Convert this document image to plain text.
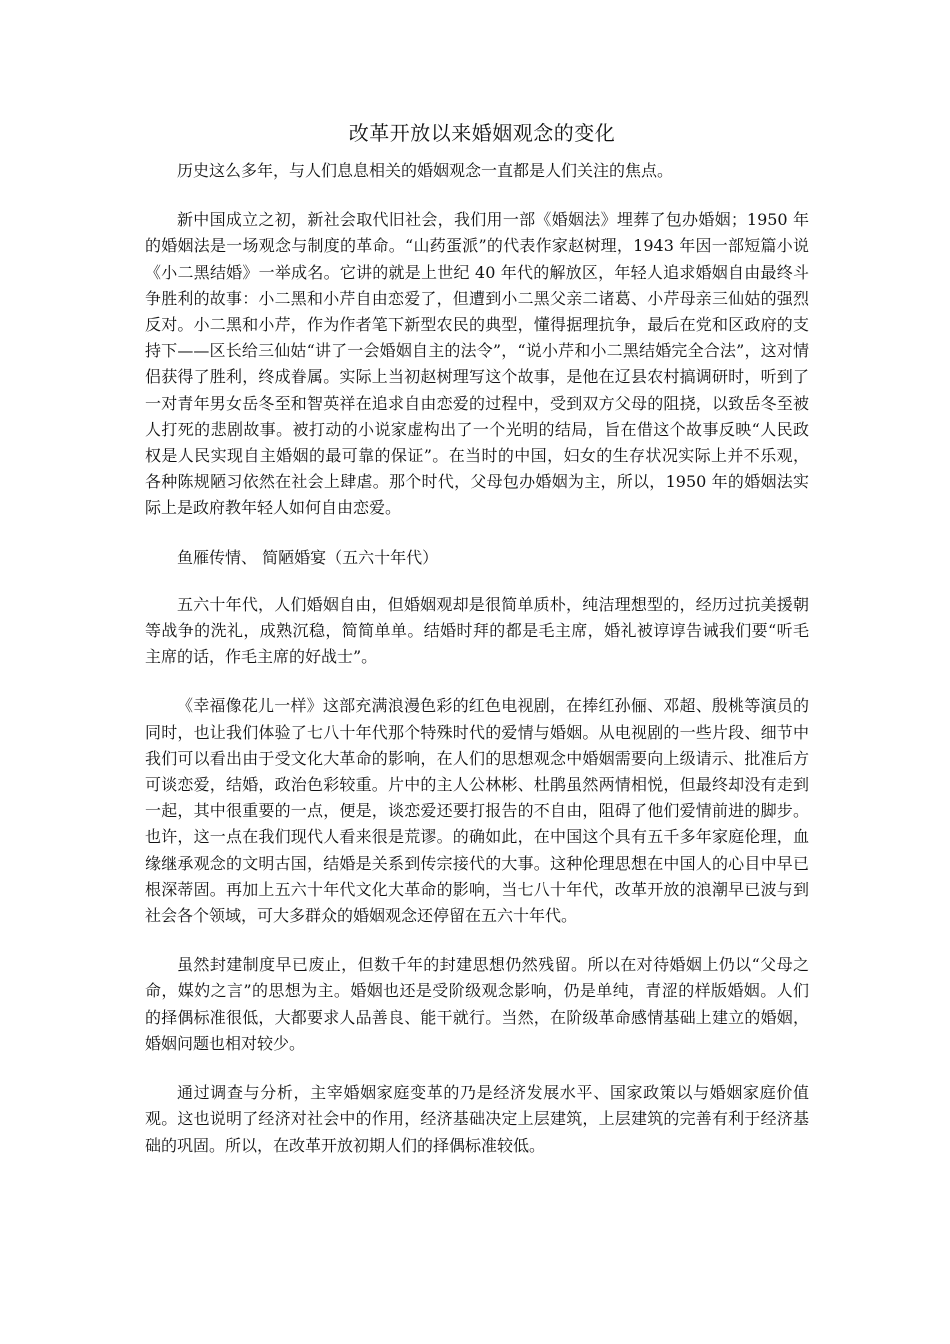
改革开放以来婚姻观念的变化

历史这么多年，与人们息息相关的婚姻观念一直都是人们关注的焦点。

新中国成立之初，新社会取代旧社会，我们用一部《婚姻法》埋葬了包办婚姻；1950 年的婚姻法是一场观念与制度的革命。“山药蛋派”的代表作家赵树理，1943 年因一部短篇小说《小二黑结婚》一举成名。它讲的就是上世纪 40 年代的解放区，年轻人追求婚姻自由最终斗争胜利的故事：小二黑和小芹自由恋爱了，但遭到小二黑父亲二诸葛、小芹母亲三仙姑的强烈反对。小二黑和小芹，作为作者笔下新型农民的典型，懂得据理抗争，最后在党和区政府的支持下——区长给三仙姑“讲了一会婚姻自主的法令”，“说小芹和小二黑结婚完全合法”，这对情侣获得了胜利，终成眷属。实际上当初赵树理写这个故事，是他在辽县农村搞调研时，听到了一对青年男女岳冬至和智英祥在追求自由恋爱的过程中，受到双方父母的阻挠，以致岳冬至被人打死的悲剧故事。被打动的小说家虚构出了一个光明的结局，旨在借这个故事反映“人民政权是人民实现自主婚姻的最可靠的保证”。在当时的中国，妇女的生存状况实际上并不乐观，各种陈规陋习依然在社会上肆虐。那个时代，父母包办婚姻为主，所以，1950 年的婚姻法实际上是政府教年轻人如何自由恋爱。

鱼雁传情、 简陋婚宴（五六十年代）

五六十年代，人们婚姻自由，但婚姻观却是很简单质朴，纯洁理想型的，经历过抗美援朝等战争的洗礼，成熟沉稳，简简单单。结婚时拜的都是毛主席，婚礼被谆谆告诫我们要“听毛主席的话，作毛主席的好战士”。

《幸福像花儿一样》这部充满浪漫色彩的红色电视剧，在捧红孙俪、邓超、殷桃等演员的同时，也让我们体验了七八十年代那个特殊时代的爱情与婚姻。从电视剧的一些片段、细节中我们可以看出由于受文化大革命的影响，在人们的思想观念中婚姻需要向上级请示、批准后方可谈恋爱，结婚，政治色彩较重。片中的主人公林彬、杜鹃虽然两情相悦，但最终却没有走到一起，其中很重要的一点，便是，谈恋爱还要打报告的不自由，阻碍了他们爱情前进的脚步。也许，这一点在我们现代人看来很是荒谬。的确如此，在中国这个具有五千多年家庭伦理，血缘继承观念的文明古国，结婚是关系到传宗接代的大事。这种伦理思想在中国人的心目中早已根深蒂固。再加上五六十年代文化大革命的影响，当七八十年代，改革开放的浪潮早已波与到社会各个领域，可大多群众的婚姻观念还停留在五六十年代。

虽然封建制度早已废止，但数千年的封建思想仍然残留。所以在对待婚姻上仍以“父母之命，媒妁之言”的思想为主。婚姻也还是受阶级观念影响，仍是单纯，青涩的样版婚姻。人们的择偶标准很低，大都要求人品善良、能干就行。当然，在阶级革命感情基础上建立的婚姻，婚姻问题也相对较少。

通过调查与分析，主宰婚姻家庭变革的乃是经济发展水平、国家政策以与婚姻家庭价值观。这也说明了经济对社会中的作用，经济基础决定上层建筑，上层建筑的完善有利于经济基础的巩固。所以，在改革开放初期人们的择偶标准较低。
